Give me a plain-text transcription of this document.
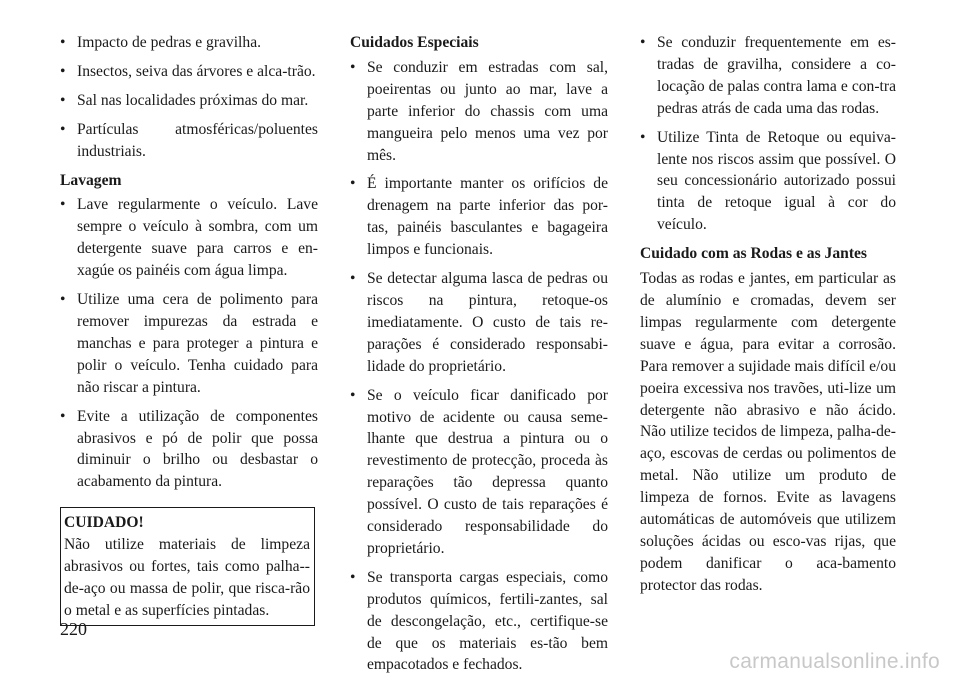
• Impacto de pedras e gravilha.
• Insectos, seiva das árvores e alca-trão.
• Sal nas localidades próximas do mar.
• Partículas atmosféricas/poluentes industriais.
Lavagem
• Lave regularmente o veículo. Lave sempre o veículo à sombra, com um detergente suave para carros e en-xagúe os painéis com água limpa.
• Utilize uma cera de polimento para remover impurezas da estrada e manchas e para proteger a pintura e polir o veículo. Tenha cuidado para não riscar a pintura.
• Evite a utilização de componentes abrasivos e pó de polir que possa diminuir o brilho ou desbastar o acabamento da pintura.
CUIDADO!
Não utilize materiais de limpeza abrasivos ou fortes, tais como palha--de-aço ou massa de polir, que risca-rão o metal e as superfícies pintadas.
Cuidados Especiais
• Se conduzir em estradas com sal, poeirentas ou junto ao mar, lave a parte inferior do chassis com uma mangueira pelo menos uma vez por mês.
• É importante manter os orifícios de drenagem na parte inferior das por-tas, painéis basculantes e bagageira limpos e funcionais.
• Se detectar alguma lasca de pedras ou riscos na pintura, retoque-os imediatamente. O custo de tais re-parações é considerado responsabi-lidade do proprietário.
• Se o veículo ficar danificado por motivo de acidente ou causa seme-lhante que destrua a pintura ou o revestimento de protecção, proceda às reparações tão depressa quanto possível. O custo de tais reparações é considerado responsabilidade do proprietário.
• Se transporta cargas especiais, como produtos químicos, fertili-zantes, sal de descongelação, etc., certifique-se de que os materiais es-tão bem empacotados e fechados.
• Se conduzir frequentemente em es-tradas de gravilha, considere a co-locação de palas contra lama e con-tra pedras atrás de cada uma das rodas.
• Utilize Tinta de Retoque ou equiva-lente nos riscos assim que possível. O seu concessionário autorizado possui tinta de retoque igual à cor do veículo.
Cuidado com as Rodas e as Jantes

Todas as rodas e jantes, em particular as de alumínio e cromadas, devem ser limpas regularmente com detergente suave e água, para evitar a corrosão. Para remover a sujidade mais difícil e/ou poeira excessiva nos travões, uti-lize um detergente não abrasivo e não ácido. Não utilize tecidos de limpeza, palha-de-aço, escovas de cerdas ou polimentos de metal. Não utilize um produto de limpeza de fornos. Evite as lavagens automáticas de automóveis que utilizem soluções ácidas ou esco-vas rijas, que podem danificar o aca-bamento protector das rodas.

220
carmanualsonline.info
